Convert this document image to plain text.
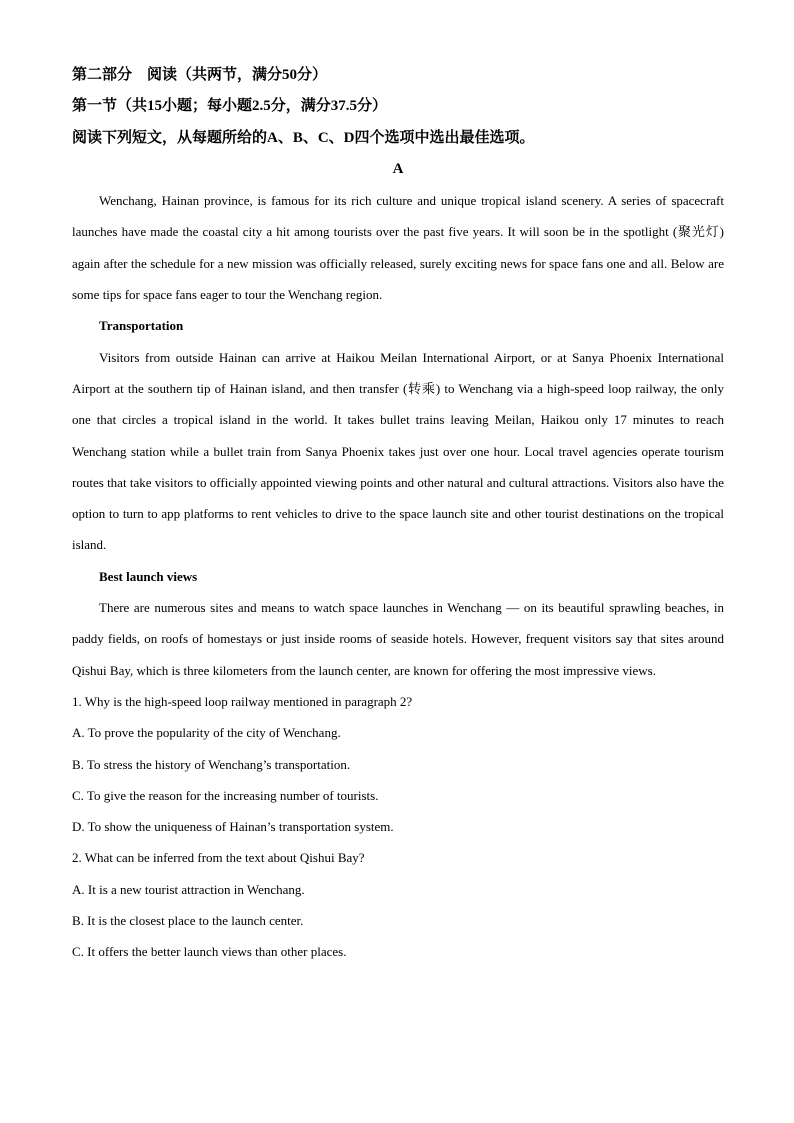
第二部分　阅读（共两节，满分50分）
第一节（共15小题；每小题2.5分，满分37.5分）
阅读下列短文，从每题所给的A、B、C、D四个选项中选出最佳选项。
A
Wenchang, Hainan province, is famous for its rich culture and unique tropical island scenery. A series of spacecraft launches have made the coastal city a hit among tourists over the past five years. It will soon be in the spotlight (聚光灯) again after the schedule for a new mission was officially released, surely exciting news for space fans one and all. Below are some tips for space fans eager to tour the Wenchang region.
Transportation
Visitors from outside Hainan can arrive at Haikou Meilan International Airport, or at Sanya Phoenix International Airport at the southern tip of Hainan island, and then transfer (转乘) to Wenchang via a high-speed loop railway, the only one that circles a tropical island in the world. It takes bullet trains leaving Meilan, Haikou only 17 minutes to reach Wenchang station while a bullet train from Sanya Phoenix takes just over one hour. Local travel agencies operate tourism routes that take visitors to officially appointed viewing points and other natural and cultural attractions. Visitors also have the option to turn to app platforms to rent vehicles to drive to the space launch site and other tourist destinations on the tropical island.
Best launch views
There are numerous sites and means to watch space launches in Wenchang — on its beautiful sprawling beaches, in paddy fields, on roofs of homestays or just inside rooms of seaside hotels. However, frequent visitors say that sites around Qishui Bay, which is three kilometers from the launch center, are known for offering the most impressive views.
1. Why is the high-speed loop railway mentioned in paragraph 2?
A. To prove the popularity of the city of Wenchang.
B. To stress the history of Wenchang’s transportation.
C. To give the reason for the increasing number of tourists.
D. To show the uniqueness of Hainan’s transportation system.
2. What can be inferred from the text about Qishui Bay?
A. It is a new tourist attraction in Wenchang.
B. It is the closest place to the launch center.
C. It offers the better launch views than other places.
